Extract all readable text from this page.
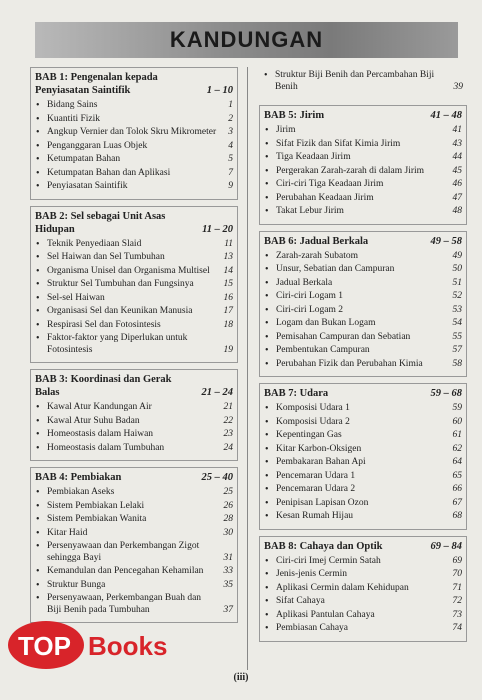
KANDUNGAN
BAB 1: Pengenalan kepada Penyiasatan Saintifik	1 – 10
• Bidang Sains	1
• Kuantiti Fizik	2
• Angkup Vernier dan Tolok Skru Mikrometer	3
• Penganggaran Luas Objek	4
• Ketumpatan Bahan	5
• Ketumpatan Bahan dan Aplikasi	7
• Penyiasatan Saintifik	9
BAB 2: Sel sebagai Unit Asas Hidupan	11 – 20
• Teknik Penyediaan Slaid	11
• Sel Haiwan dan Sel Tumbuhan	13
• Organisma Unisel dan Organisma Multisel	14
• Struktur Sel Tumbuhan dan Fungsinya	15
• Sel-sel Haiwan	16
• Organisasi Sel dan Keunikan Manusia	17
• Respirasi Sel dan Fotosintesis	18
• Faktor-faktor yang Diperlukan untuk Fotosintesis	19
BAB 3: Koordinasi dan Gerak Balas	21 – 24
• Kawal Atur Kandungan Air	21
• Kawal Atur Suhu Badan	22
• Homeostasis dalam Haiwan	23
• Homeostasis dalam Tumbuhan	24
BAB 4: Pembiakan	25 – 40
• Pembiakan Aseks	25
• Sistem Pembiakan Lelaki	26
• Sistem Pembiakan Wanita	28
• Kitar Haid	30
• Persenyawaan dan Perkembangan Zigot sehingga Bayi	31
• Kemandulan dan Pencegahan Kehamilan	33
• Struktur Bunga	35
• Persenyawaan, Perkembangan Buah dan Biji Benih pada Tumbuhan	37
• Struktur Biji Benih dan Percambahan Biji Benih	39
BAB 5: Jirim	41 – 48
• Jirim	41
• Sifat Fizik dan Sifat Kimia Jirim	43
• Tiga Keadaan Jirim	44
• Pergerakan Zarah-zarah di dalam Jirim	45
• Ciri-ciri Tiga Keadaan Jirim	46
• Perubahan Keadaan Jirim	47
• Takat Lebur Jirim	48
BAB 6: Jadual Berkala	49 – 58
• Zarah-zarah Subatom	49
• Unsur, Sebatian dan Campuran	50
• Jadual Berkala	51
• Ciri-ciri Logam 1	52
• Ciri-ciri Logam 2	53
• Logam dan Bukan Logam	54
• Pemisahan Campuran dan Sebatian	55
• Pembentukan Campuran	57
• Perubahan Fizik dan Perubahan Kimia	58
BAB 7: Udara	59 – 68
• Komposisi Udara 1	59
• Komposisi Udara 2	60
• Kepentingan Gas	61
• Kitar Karbon-Oksigen	62
• Pembakaran Bahan Api	64
• Pencemaran Udara 1	65
• Pencemaran Udara 2	66
• Penipisan Lapisan Ozon	67
• Kesan Rumah Hijau	68
BAB 8: Cahaya dan Optik	69 – 84
• Ciri-ciri Imej Cermin Satah	69
• Jenis-jenis Cermin	70
• Aplikasi Cermin dalam Kehidupan	71
• Sifat Cahaya	72
• Aplikasi Pantulan Cahaya	73
• Pembiasan Cahaya	74
TOP Books
(iii)
